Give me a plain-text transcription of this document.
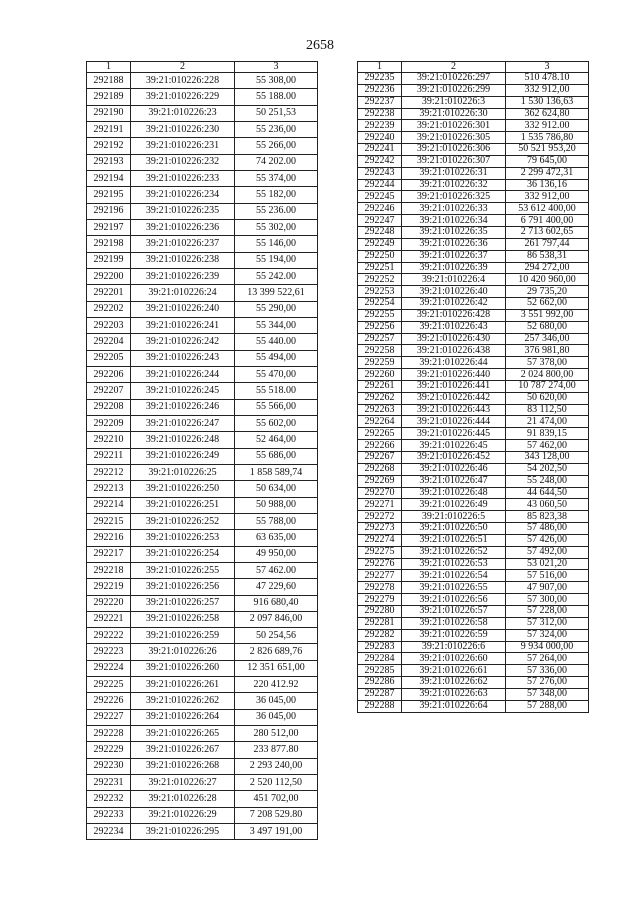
2658
1	2	3
292188	39:21:010226:228	55 308,00
292189	39:21:010226:229	55 188.00
292190	39:21:010226:23	50 251,53
292191	39:21:010226:230	55 236,00
292192	39:21:010226:231	55 266,00
292193	39:21:010226:232	74 202.00
292194	39:21:010226:233	55 374,00
292195	39:21:010226:234	55 182,00
292196	39:21:010226:235	55 236.00
292197	39:21:010226:236	55 302,00
292198	39:21:010226:237	55 146,00
292199	39:21:010226:238	55 194,00
292200	39:21:010226:239	55 242.00
292201	39:21:010226:24	13 399 522,61
292202	39:21:010226:240	55 290,00
292203	39:21:010226:241	55 344,00
292204	39:21:010226:242	55 440.00
292205	39:21:010226:243	55 494,00
292206	39:21:010226:244	55 470,00
292207	39:21:010226:245	55 518.00
292208	39:21:010226:246	55 566,00
292209	39:21:010226:247	55 602,00
292210	39:21:010226:248	52 464,00
292211	39:21:010226:249	55 686,00
292212	39:21:010226:25	1 858 589,74
292213	39:21:010226:250	50 634,00
292214	39:21:010226:251	50 988,00
292215	39:21:010226:252	55 788,00
292216	39:21:010226:253	63 635,00
292217	39:21:010226:254	49 950,00
292218	39:21:010226:255	57 462.00
292219	39:21:010226:256	47 229,60
292220	39:21:010226:257	916 680,40
292221	39:21:010226:258	2 097 846,00
292222	39:21:010226:259	50 254,56
292223	39:21:010226:26	2 826 689,76
292224	39:21:010226:260	12 351 651,00
292225	39:21:010226:261	220 412.92
292226	39:21:010226:262	36 045,00
292227	39:21:010226:264	36 045,00
292228	39:21:010226:265	280 512,00
292229	39:21:010226:267	233 877.80
292230	39:21:010226:268	2 293 240,00
292231	39:21:010226:27	2 520 112,50
292232	39:21:010226:28	451 702,00
292233	39:21:010226:29	7 208 529.80
292234	39:21:010226:295	3 497 191,00
1	2	3
292235	39:21:010226:297	510 478.10
292236	39:21:010226:299	332 912,00
292237	39:21:010226:3	1 530 136,63
292238	39:21:010226:30	362 624,80
292239	39:21:010226:301	332 912.00
292240	39:21:010226:305	1 535 786,80
292241	39:21:010226:306	50 521 953,20
292242	39:21:010226:307	79 645,00
292243	39:21:010226:31	2 299 472,31
292244	39:21:010226:32	36 136,16
292245	39:21:010226:325	332 912,00
292246	39:21:010226:33	53 612 400,00
292247	39:21:010226:34	6 791 400,00
292248	39:21:010226:35	2 713 602,65
292249	39:21:010226:36	261 797,44
292250	39:21:010226:37	86 538,31
292251	39:21:010226:39	294 272,00
292252	39:21:010226:4	10 420 960,00
292253	39:21:010226:40	29 735,20
292254	39:21:010226:42	52 662,00
292255	39:21:010226:428	3 551 992,00
292256	39:21:010226:43	52 680,00
292257	39:21:010226:430	257 346,00
292258	39:21:010226:438	376 981,80
292259	39:21:010226:44	57 378,00
292260	39:21:010226:440	2 024 800,00
292261	39:21:010226:441	10 787 274,00
292262	39:21:010226:442	50 620,00
292263	39:21:010226:443	83 112,50
292264	39:21:010226:444	21 474,00
292265	39:21:010226:445	91 839,15
292266	39:21:010226:45	57 462,00
292267	39:21:010226:452	343 128,00
292268	39:21:010226:46	54 202,50
292269	39:21:010226:47	55 248,00
292270	39:21:010226:48	44 644,50
292271	39:21:010226:49	43 060,50
292272	39:21:010226:5	85 823,38
292273	39:21:010226:50	57 486,00
292274	39:21:010226:51	57 426,00
292275	39:21:010226:52	57 492,00
292276	39:21:010226:53	53 021,20
292277	39:21:010226:54	57 516,00
292278	39:21:010226:55	47 907,00
292279	39:21:010226:56	57 300,00
292280	39:21:010226:57	57 228,00
292281	39:21:010226:58	57 312,00
292282	39:21:010226:59	57 324,00
292283	39:21:010226:6	9 934 000,00
292284	39:21:010226:60	57 264,00
292285	39:21:010226:61	57 336,00
292286	39:21:010226:62	57 276,00
292287	39:21:010226:63	57 348,00
292288	39:21:010226:64	57 288,00
